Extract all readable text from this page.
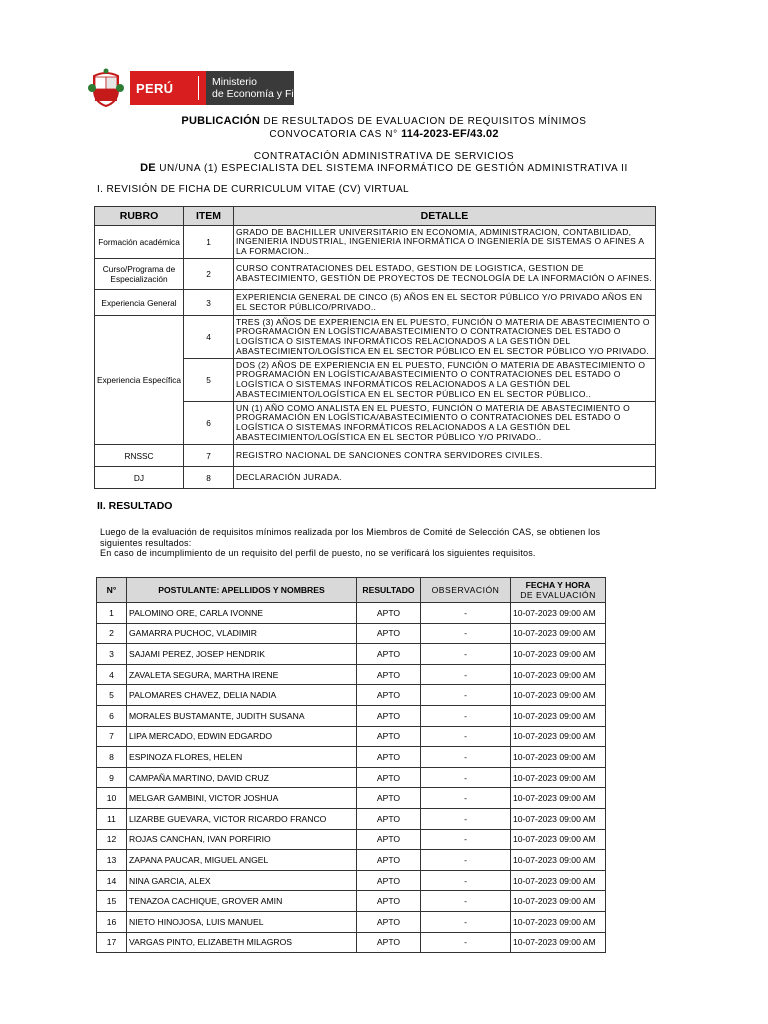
PERÚ	Ministerio
de Economía y Finanzas
PUBLICACIÓN DE RESULTADOS DE EVALUACION DE REQUISITOS MÍNIMOS
CONVOCATORIA CAS N° 114-2023-EF/43.02
CONTRATACIÓN ADMINISTRATIVA DE SERVICIOS
DE UN/UNA (1) ESPECIALISTA DEL SISTEMA INFORMÁTICO DE GESTIÓN ADMINISTRATIVA II
I. REVISIÓN DE FICHA DE CURRICULUM VITAE (CV) VIRTUAL
RUBRO	ITEM	DETALLE
Formación académica	1	GRADO DE BACHILLER UNIVERSITARIO EN ECONOMIA, ADMINISTRACION, CONTABILIDAD, INGENIERIA INDUSTRIAL, INGENIERIA INFORMÁTICA O INGENIERÍA DE SISTEMAS O AFINES A LA FORMACION..
Curso/Programa de Especialización	2	CURSO CONTRATACIONES DEL ESTADO, GESTION DE LOGISTICA, GESTION DE ABASTECIMIENTO, GESTIÓN DE PROYECTOS DE TECNOLOGÍA DE LA INFORMACIÓN O AFINES.
Experiencia General	3	EXPERIENCIA GENERAL DE CINCO (5) AÑOS EN EL SECTOR PÚBLICO Y/O PRIVADO AÑOS EN EL SECTOR PÚBLICO/PRIVADO..
Experiencia Específica	4	TRES (3) AÑOS DE EXPERIENCIA EN EL PUESTO, FUNCIÓN O MATERIA DE ABASTECIMIENTO O PROGRAMACIÓN EN LOGÍSTICA/ABASTECIMIENTO O CONTRATACIONES DEL ESTADO O LOGÍSTICA O SISTEMAS INFORMÁTICOS RELACIONADOS A LA GESTIÓN DEL ABASTECIMIENTO/LOGÍSTICA EN EL SECTOR PÚBLICO EN EL SECTOR PÚBLICO Y/O PRIVADO.
	5	DOS (2) AÑOS DE EXPERIENCIA EN EL PUESTO, FUNCIÓN O MATERIA DE ABASTECIMIENTO O PROGRAMACIÓN EN LOGÍSTICA/ABASTECIMIENTO O CONTRATACIONES DEL ESTADO O LOGÍSTICA O SISTEMAS INFORMÁTICOS RELACIONADOS A LA GESTIÓN DEL ABASTECIMIENTO/LOGÍSTICA EN EL SECTOR PÚBLICO EN EL SECTOR PÚBLICO..
	6	UN (1) AÑO COMO ANALISTA EN EL PUESTO, FUNCIÓN O MATERIA DE ABASTECIMIENTO O PROGRAMACIÓN EN LOGÍSTICA/ABASTECIMIENTO O CONTRATACIONES DEL ESTADO O LOGÍSTICA O SISTEMAS INFORMÁTICOS RELACIONADOS A LA GESTIÓN DEL ABASTECIMIENTO/LOGÍSTICA EN EL SECTOR PÚBLICO Y/O PRIVADO..
RNSSC	7	REGISTRO NACIONAL DE SANCIONES CONTRA SERVIDORES CIVILES.
DJ	8	DECLARACIÓN JURADA.
II. RESULTADO
Luego de la evaluación de requisitos mínimos realizada por los Miembros de Comité de Selección CAS, se obtienen los siguientes resultados:
En caso de incumplimiento de un requisito del perfil de puesto, no se verificará los siguientes requisitos.
N°	POSTULANTE: APELLIDOS Y NOMBRES	RESULTADO	OBSERVACIÓN	FECHA Y HORA
DE EVALUACIÓN

1	PALOMINO ORE, CARLA IVONNE	APTO	-	10-07-2023 09:00 AM
2	GAMARRA PUCHOC, VLADIMIR	APTO	-	10-07-2023 09:00 AM
3	SAJAMI PEREZ, JOSEP HENDRIK	APTO	-	10-07-2023 09:00 AM
4	ZAVALETA SEGURA, MARTHA IRENE	APTO	-	10-07-2023 09:00 AM
5	PALOMARES CHAVEZ, DELIA NADIA	APTO	-	10-07-2023 09:00 AM
6	MORALES BUSTAMANTE, JUDITH SUSANA	APTO	-	10-07-2023 09:00 AM
7	LIPA MERCADO, EDWIN EDGARDO	APTO	-	10-07-2023 09:00 AM
8	ESPINOZA FLORES, HELEN	APTO	-	10-07-2023 09:00 AM
9	CAMPAÑA MARTINO, DAVID CRUZ	APTO	-	10-07-2023 09:00 AM
10	MELGAR GAMBINI, VICTOR JOSHUA	APTO	-	10-07-2023 09:00 AM
11	LIZARBE GUEVARA, VICTOR RICARDO FRANCO	APTO	-	10-07-2023 09:00 AM
12	ROJAS CANCHAN, IVAN PORFIRIO	APTO	-	10-07-2023 09:00 AM
13	ZAPANA PAUCAR, MIGUEL ANGEL	APTO	-	10-07-2023 09:00 AM
14	NINA GARCIA, ALEX	APTO	-	10-07-2023 09:00 AM
15	TENAZOA CACHIQUE, GROVER AMIN	APTO	-	10-07-2023 09:00 AM
16	NIETO HINOJOSA, LUIS MANUEL	APTO	-	10-07-2023 09:00 AM
17	VARGAS PINTO, ELIZABETH MILAGROS	APTO	-	10-07-2023 09:00 AM
